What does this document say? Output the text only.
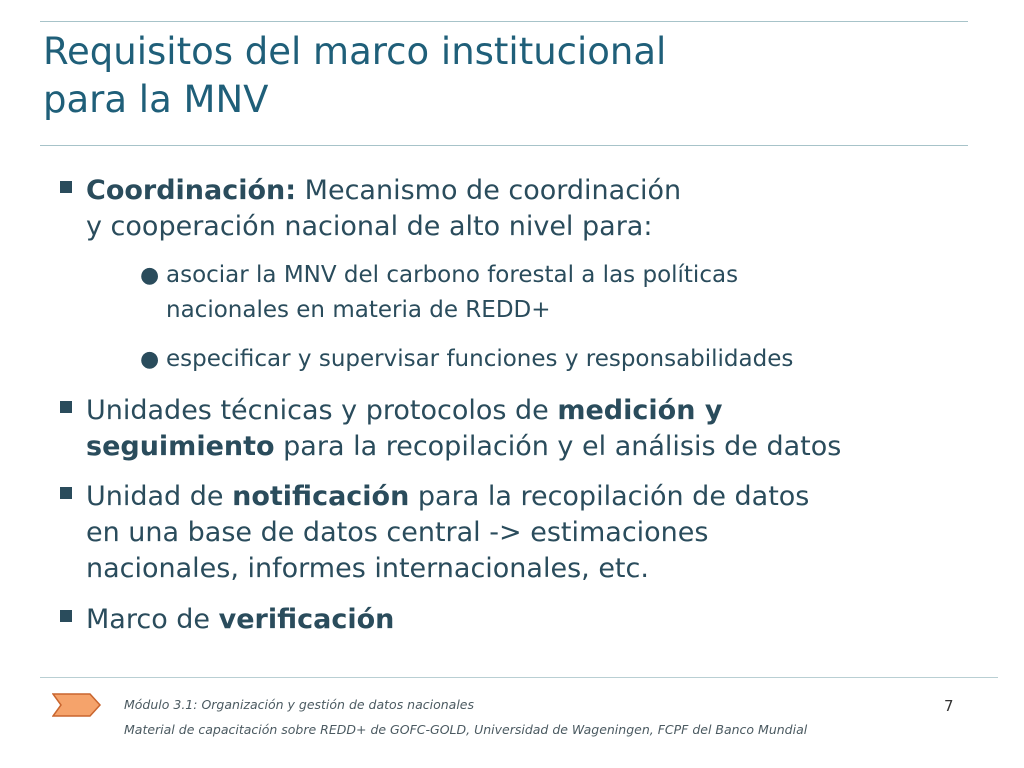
Requisitos del marco institucional
para la MNV
Coordinación: Mecanismo de coordinación
y cooperación nacional de alto nivel para:
● asociar la MNV del carbono forestal a las políticas
nacionales en materia de REDD+
● especificar y supervisar funciones y responsabilidades
Unidades técnicas y protocolos de medición y
seguimiento para la recopilación y el análisis de datos
Unidad de notificación para la recopilación de datos
en una base de datos central -> estimaciones
nacionales, informes internacionales, etc.
Marco de verificación
Módulo 3.1: Organización y gestión de datos nacionales
Material de capacitación sobre REDD+ de GOFC-GOLD, Universidad de Wageningen, FCPF del Banco Mundial
7
